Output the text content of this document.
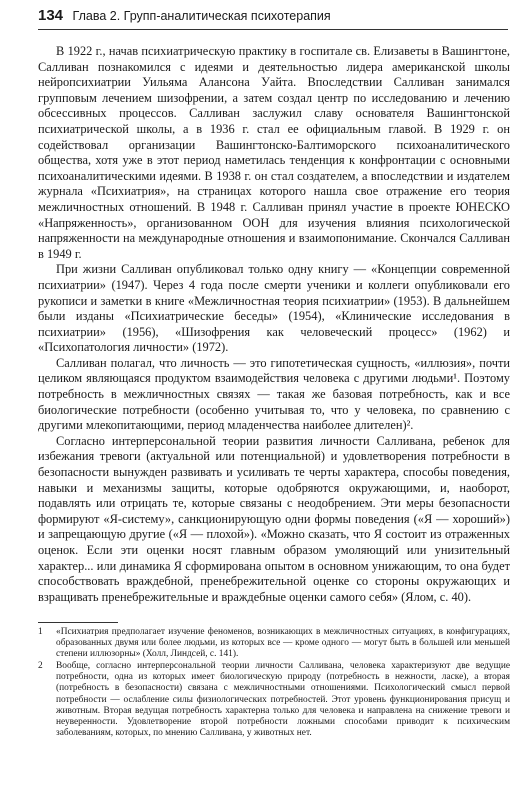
134 Глава 2. Групп-аналитическая психотерапия

В 1922 г., начав психиатрическую практику в госпитале св. Елизаветы в Вашингтоне, Салливан познакомился с идеями и деятельностью лидера американской школы нейропсихиатрии Уильяма Алансона Уайта. Впоследствии Салливан занимался групповым лечением шизофрении, а затем создал центр по исследованию и лечению обсессивных процессов. Салливан заслужил славу основателя Вашингтонской психиатрической школы, а в 1936 г. стал ее официальным главой. В 1929 г. он содействовал организации Вашингтонско-Балтиморского психоаналитического общества, хотя уже в этот период наметилась тенденция к конфронтации с основными психоаналитическими идеями. В 1938 г. он стал создателем, а впоследствии и издателем журнала «Психиатрия», на страницах которого нашла свое отражение его теория межличностных отношений. В 1948 г. Салливан принял участие в проекте ЮНЕСКО «Напряженность», организованном ООН для изучения влияния психологической напряженности на международные отношения и взаимопонимание. Скончался Салливан в 1949 г.

При жизни Салливан опубликовал только одну книгу — «Концепции современной психиатрии» (1947). Через 4 года после смерти ученики и коллеги опубликовали его рукописи и заметки в книге «Межличностная теория психиатрии» (1953). В дальнейшем были изданы «Психиатрические беседы» (1954), «Клинические исследования в психиатрии» (1956), «Шизофрения как человеческий процесс» (1962) и «Психопатология личности» (1972).

Салливан полагал, что личность — это гипотетическая сущность, «иллюзия», почти целиком являющаяся продуктом взаимодействия человека с другими людьми¹. Поэтому потребность в межличностных связях — такая же базовая потребность, как и все биологические потребности (особенно учитывая то, что у человека, по сравнению с другими млекопитающими, период младенчества наиболее длителен)².

Согласно интерперсональной теории развития личности Салливана, ребенок для избежания тревоги (актуальной или потенциальной) и удовлетворения потребности в безопасности вынужден развивать и усиливать те черты характера, способы поведения, навыки и механизмы защиты, которые одобряются окружающими, и, наоборот, подавлять или отрицать те, которые связаны с неодобрением. Эти меры безопасности формируют «Я-систему», санкционирующую одни формы поведения («Я — хороший») и запрещающую другие («Я — плохой»). «Можно сказать, что Я состоит из отраженных оценок. Если эти оценки носят главным образом умоляющий или унизительный характер... или динамика Я сформирована опытом в основном унижающим, то она будет способствовать враждебной, пренебрежительной оценке со стороны окружающих и взращивать пренебрежительные и враждебные оценки самого себя» (Ялом, с. 40).

1	«Психиатрия предполагает изучение феноменов, возникающих в межличностных ситуациях, в конфигурациях, образованных двумя или более людьми, из которых все — кроме одного — могут быть в большей или меньшей степени иллюзорны» (Холл, Линдсей, с. 141).
2	Вообще, согласно интерперсональной теории личности Салливана, человека характеризуют две ведущие потребности, одна из которых имеет биологическую природу (потребность в нежности, ласке), а вторая (потребность в безопасности) связана с межличностными отношениями. Психологический смысл первой потребности — ослабление силы физиологических потребностей. Этот уровень функционирования присущ и животным. Вторая ведущая потребность характерна только для человека и направлена на снижение тревоги и неуверенности. Удовлетворение второй потребности ложными способами приводит к психическим заболеваниям, которых, по мнению Салливана, у животных нет.
